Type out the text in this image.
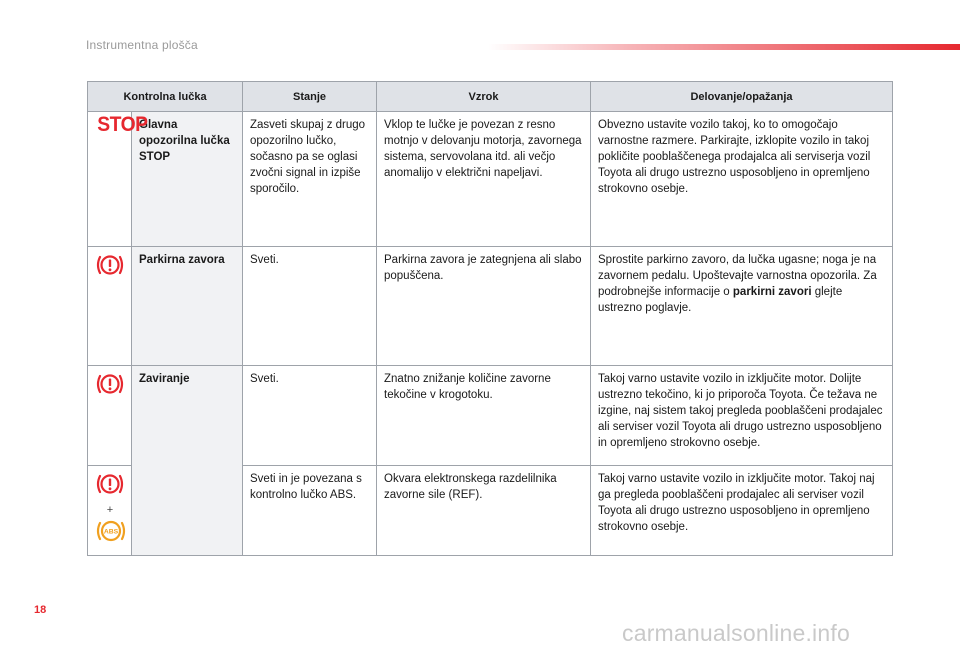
Instrumentna plošča
Kontrolna lučka		Stanje	Vzrok	Delovanje/opažanja
STOP	Glavna opozorilna lučka STOP	Zasveti skupaj z drugo opozorilno lučko, sočasno pa se oglasi zvočni signal in izpiše sporočilo.	Vklop te lučke je povezan z resno motnjo v delovanju motorja, zavornega sistema, servovolana itd. ali večjo anomalijo v električni napeljavi.	Obvezno ustavite vozilo takoj, ko to omogočajo varnostne razmere. Parkirajte, izklopite vozilo in takoj pokličite pooblaščenega prodajalca ali serviserja vozil Toyota ali drugo ustrezno usposobljeno in opremljeno strokovno osebje.
	Parkirna zavora	Sveti.	Parkirna zavora je zategnjena ali slabo popuščena.	Sprostite parkirno zavoro, da lučka ugasne; noga je na zavornem pedalu. Upoštevajte varnostna opozorila. Za podrobnejše informacije o parkirni zavori glejte ustrezno poglavje.
	Zaviranje	Sveti.	Znatno znižanje količine zavorne tekočine v krogotoku.	Takoj varno ustavite vozilo in izklјučite motor. Dolijte ustrezno tekočino, ki jo priporoča Toyota. Če težava ne izgine, naj sistem takoj pregleda pooblaščeni prodajalec ali serviser vozil Toyota ali drugo ustrezno usposobljeno in opremljeno strokovno osebje.

+
ABS		Sveti in je povezana s kontrolno lučko ABS.	Okvara elektronskega razdelilnika zavorne sile (REF).	Takoj varno ustavite vozilo in izklјučite motor. Takoj naj ga pregleda pooblaščeni prodajalec ali serviser vozil Toyota ali drugo ustrezno usposobljeno in opremljeno strokovno osebje.
18
carmanualsonline.info
